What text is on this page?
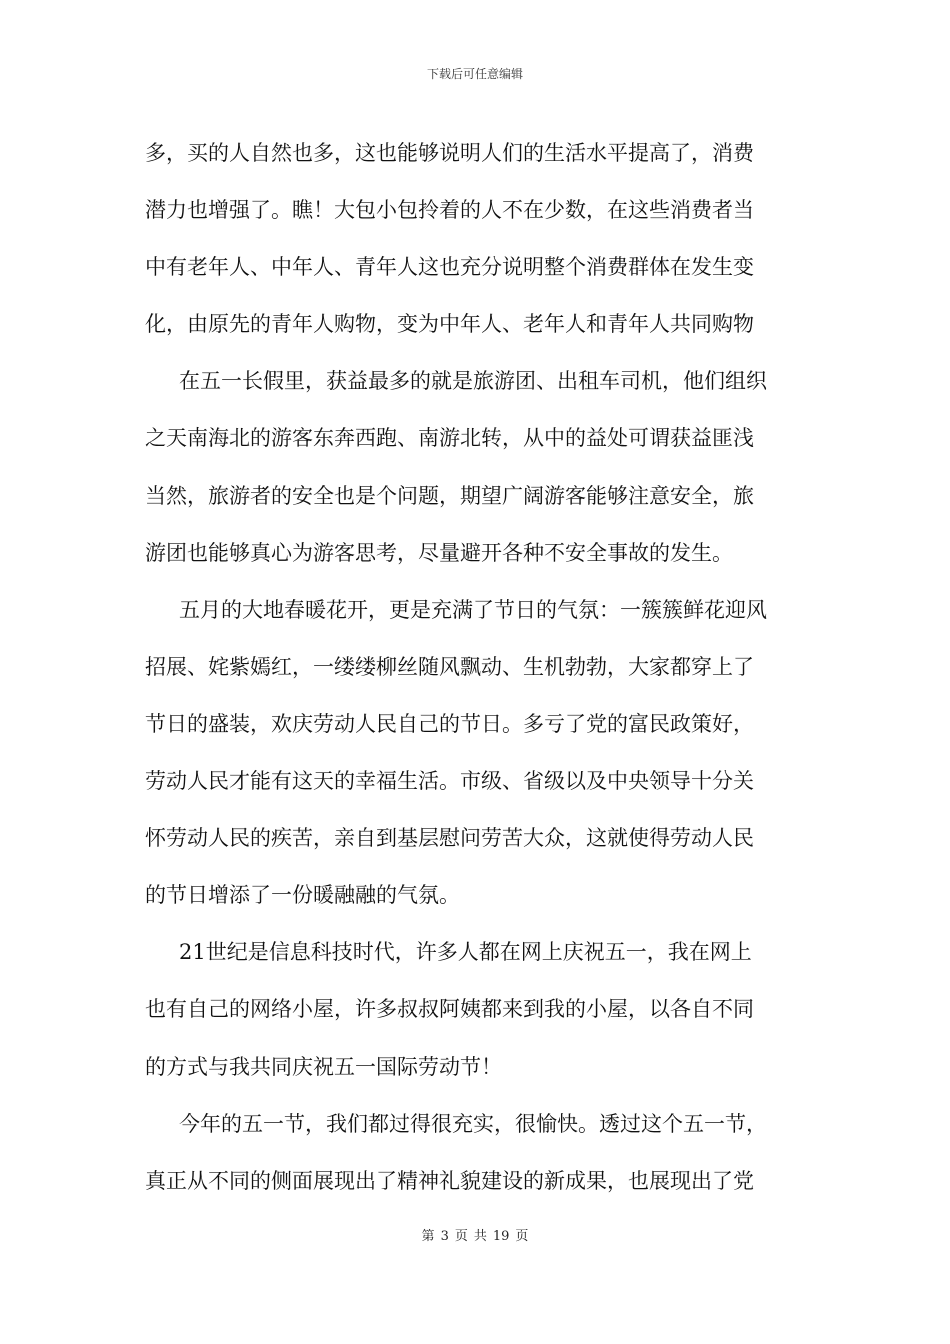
下载后可任意编辑

多，买的人自然也多，这也能够说明人们的生活水平提高了，消费
潜力也增强了。瞧！大包小包拎着的人不在少数，在这些消费者当
中有老年人、中年人、青年人这也充分说明整个消费群体在发生变
化，由原先的青年人购物，变为中年人、老年人和青年人共同购物

在五一长假里，获益最多的就是旅游团、出租车司机，他们组织
之天南海北的游客东奔西跑、南游北转，从中的益处可谓获益匪浅
当然，旅游者的安全也是个问题，期望广阔游客能够注意安全，旅
游团也能够真心为游客思考，尽量避开各种不安全事故的发生。

五月的大地春暖花开，更是充满了节日的气氛：一簇簇鲜花迎风
招展、姹紫嫣红，一缕缕柳丝随风飘动、生机勃勃，大家都穿上了
节日的盛装，欢庆劳动人民自己的节日。多亏了党的富民政策好，
劳动人民才能有这天的幸福生活。市级、省级以及中央领导十分关
怀劳动人民的疾苦，亲自到基层慰问劳苦大众，这就使得劳动人民
的节日增添了一份暖融融的气氛。

21世纪是信息科技时代，许多人都在网上庆祝五一，我在网上
也有自己的网络小屋，许多叔叔阿姨都来到我的小屋，以各自不同
的方式与我共同庆祝五一国际劳动节！

今年的五一节，我们都过得很充实，很愉快。透过这个五一节，
真正从不同的侧面展现出了精神礼貌建设的新成果，也展现出了党

第 3 页 共 19 页
